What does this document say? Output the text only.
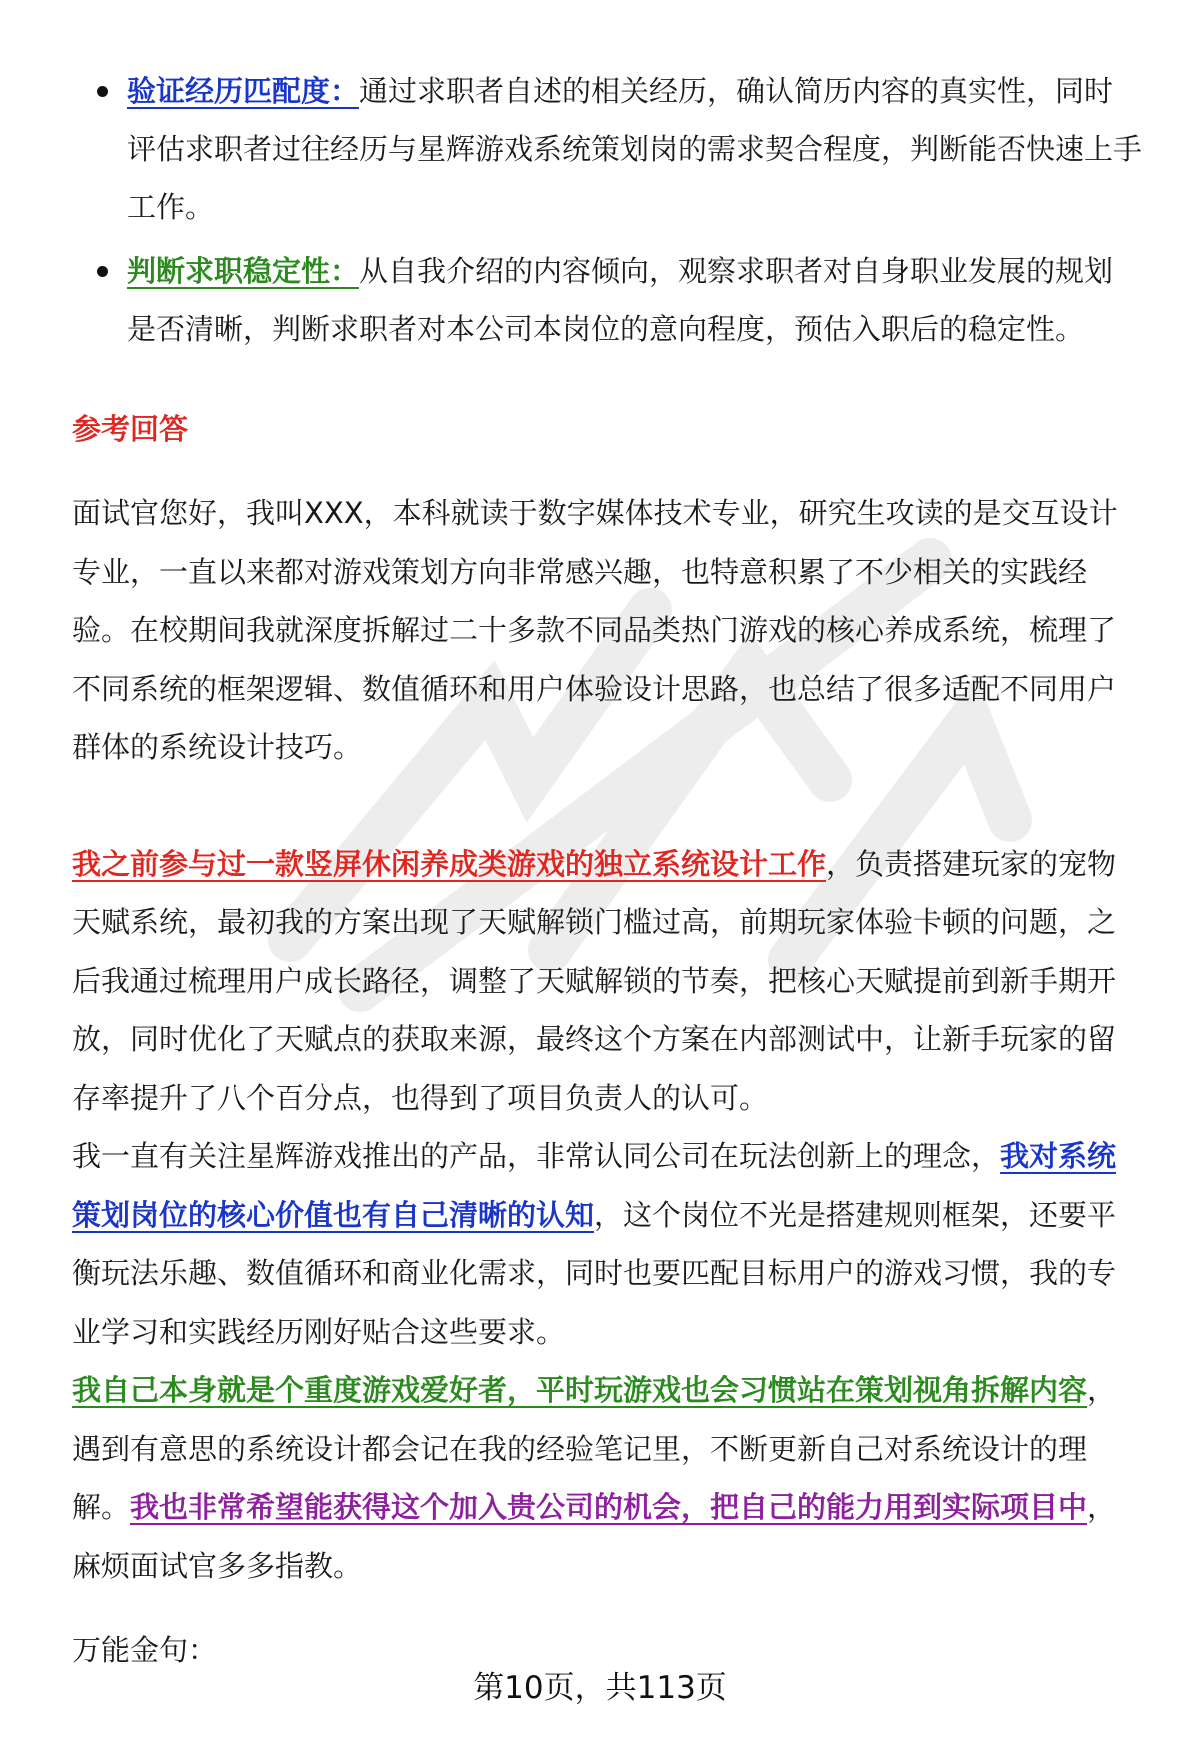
验证经历匹配度：通过求职者自述的相关经历，确认简历内容的真实性，同时评估求职者过往经历与星辉游戏系统策划岗的需求契合程度，判断能否快速上手工作。
判断求职稳定性：从自我介绍的内容倾向，观察求职者对自身职业发展的规划是否清晰，判断求职者对本公司本岗位的意向程度，预估入职后的稳定性。
参考回答

面试官您好，我叫XXX，本科就读于数字媒体技术专业，研究生攻读的是交互设计专业，一直以来都对游戏策划方向非常感兴趣，也特意积累了不少相关的实践经验。在校期间我就深度拆解过二十多款不同品类热门游戏的核心养成系统，梳理了不同系统的框架逻辑、数值循环和用户体验设计思路，也总结了很多适配不同用户群体的系统设计技巧。

我之前参与过一款竖屏休闲养成类游戏的独立系统设计工作，负责搭建玩家的宠物天赋系统，最初我的方案出现了天赋解锁门槛过高，前期玩家体验卡顿的问题，之后我通过梳理用户成长路径，调整了天赋解锁的节奏，把核心天赋提前到新手期开放，同时优化了天赋点的获取来源，最终这个方案在内部测试中，让新手玩家的留存率提升了八个百分点，也得到了项目负责人的认可。

我一直有关注星辉游戏推出的产品，非常认同公司在玩法创新上的理念，我对系统策划岗位的核心价值也有自己清晰的认知，这个岗位不光是搭建规则框架，还要平衡玩法乐趣、数值循环和商业化需求，同时也要匹配目标用户的游戏习惯，我的专业学习和实践经历刚好贴合这些要求。

我自己本身就是个重度游戏爱好者，平时玩游戏也会习惯站在策划视角拆解内容，遇到有意思的系统设计都会记在我的经验笔记里，不断更新自己对系统设计的理解。我也非常希望能获得这个加入贵公司的机会，把自己的能力用到实际项目中，麻烦面试官多多指教。

万能金句：

第10页，共113页
